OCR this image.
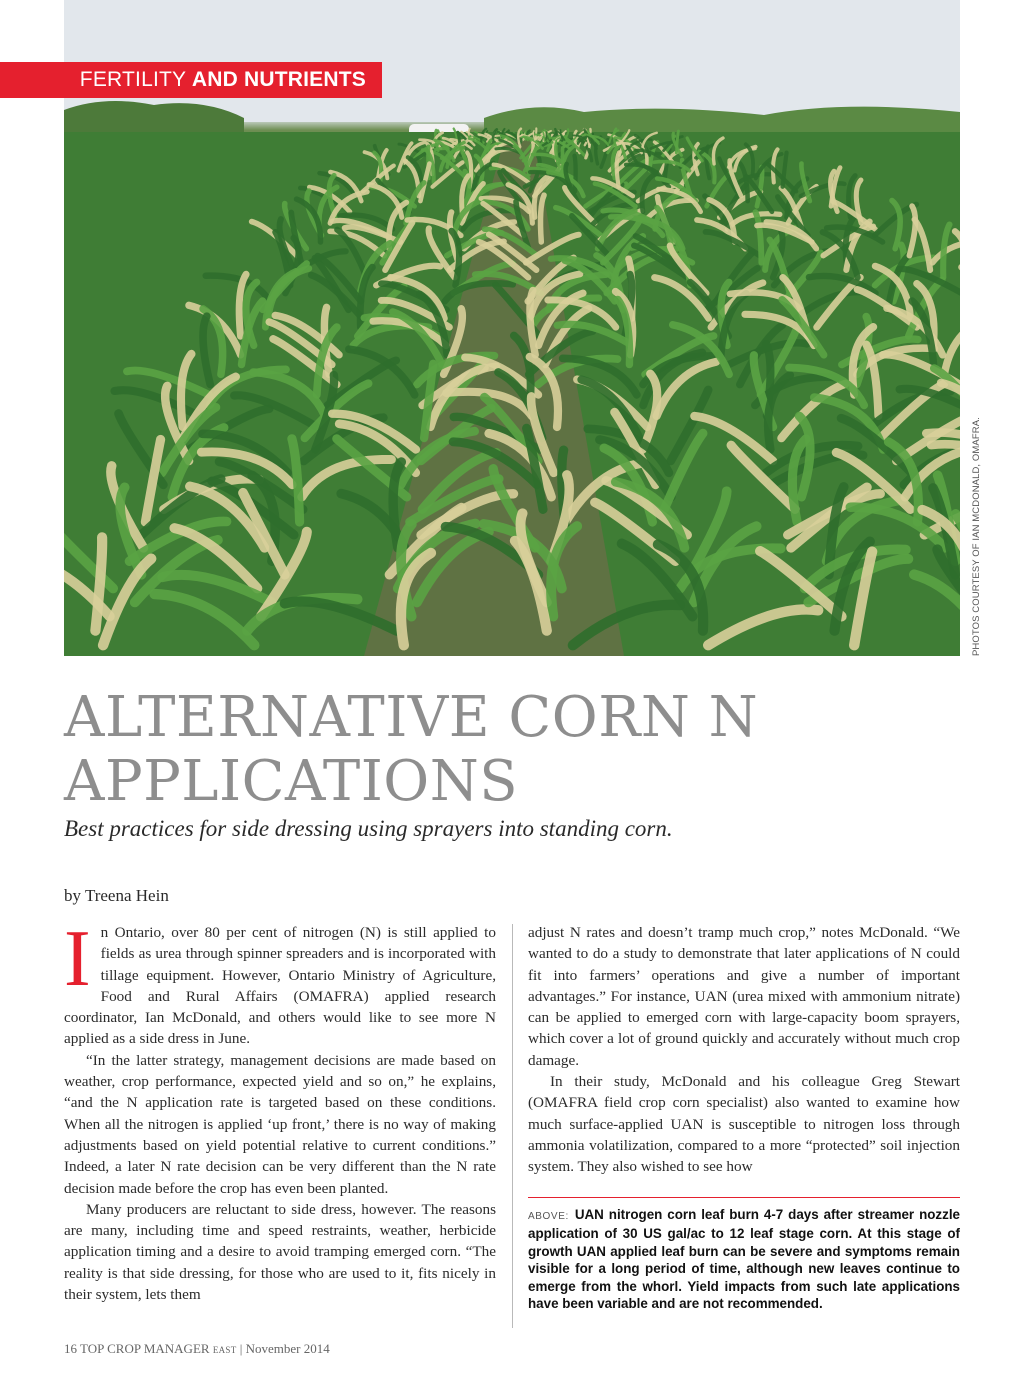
FERTILITY AND NUTRIENTS
PHOTOS COURTESY OF IAN MCDONALD, OMAFRA.
ALTERNATIVE CORN N APPLICATIONS

Best practices for side dressing using sprayers into standing corn.

by Treena Hein

In Ontario, over 80 per cent of nitrogen (N) is still applied to fields as urea through spinner spreaders and is incorporated with tillage equipment. However, Ontario Ministry of Agriculture, Food and Rural Affairs (OMAFRA) applied research coordinator, Ian McDonald, and others would like to see more N applied as a side dress in June.

“In the latter strategy, management decisions are made based on weather, crop performance, expected yield and so on,” he explains, “and the N application rate is targeted based on these conditions. When all the nitrogen is applied ‘up front,’ there is no way of making adjustments based on yield potential relative to current conditions.” Indeed, a later N rate decision can be very different than the N rate decision made before the crop has even been planted.

Many producers are reluctant to side dress, however. The reasons are many, including time and speed restraints, weather, herbicide application timing and a desire to avoid tramping emerged corn. “The reality is that side dressing, for those who are used to it, fits nicely in their system, lets them

adjust N rates and doesn’t tramp much crop,” notes McDonald. “We wanted to do a study to demonstrate that later applications of N could fit into farmers’ operations and give a number of important advantages.” For instance, UAN (urea mixed with ammonium nitrate) can be applied to emerged corn with large-capacity boom sprayers, which cover a lot of ground quickly and accurately without much crop damage.

In their study, McDonald and his colleague Greg Stewart (OMAFRA field crop corn specialist) also wanted to examine how much surface-applied UAN is susceptible to nitrogen loss through ammonia volatilization, compared to a more “protected” soil injection system. They also wished to see how

ABOVE: UAN nitrogen corn leaf burn 4-7 days after streamer nozzle application of 30 US gal/ac to 12 leaf stage corn. At this stage of growth UAN applied leaf burn can be severe and symptoms remain visible for a long period of time, although new leaves continue to emerge from the whorl. Yield impacts from such late applications have been variable and are not recommended.
16 TOP CROP MANAGER EAST | November 2014
